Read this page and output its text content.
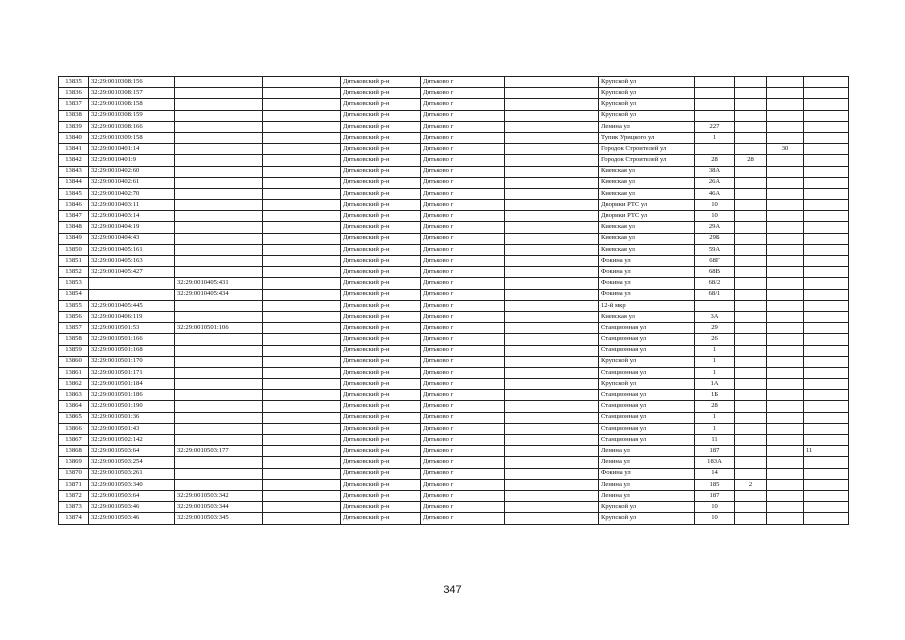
13835	32:29:0010308:156			Дятьковский р-н	Дятьково г		Крупской ул				
13836	32:29:0010308:157			Дятьковский р-н	Дятьково г		Крупской ул				
13837	32:29:0010308:158			Дятьковский р-н	Дятьково г		Крупской ул				
13838	32:29:0010308:159			Дятьковский р-н	Дятьково г		Крупской ул				
13839	32:29:0010308:166			Дятьковский р-н	Дятьково г		Ленина ул	227			
13840	32:29:0010309:158			Дятьковский р-н	Дятьково г		Тупик Урицкого ул	1			
13841	32:29:0010401:14			Дятьковский р-н	Дятьково г		Городок Строителей ул			30	
13842	32:29:0010401:9			Дятьковский р-н	Дятьково г		Городок Строителей ул	28	28		
13843	32:29:0010402:60			Дятьковский р-н	Дятьково г		Киевская ул	38А			
13844	32:29:0010402:61			Дятьковский р-н	Дятьково г		Киевская ул	26А			
13845	32:29:0010402:70			Дятьковский р-н	Дятьково г		Киевская ул	46А			
13846	32:29:0010403:11			Дятьковский р-н	Дятьково г		Дворики РТС ул	10			
13847	32:29:0010403:14			Дятьковский р-н	Дятьково г		Дворики РТС ул	10			
13848	32:29:0010404:19			Дятьковский р-н	Дятьково г		Киевская ул	29А			
13849	32:29:0010404:43			Дятьковский р-н	Дятьково г		Киевская ул	29Б			
13850	32:29:0010405:161			Дятьковский р-н	Дятьково г		Киевская ул	59А			
13851	32:29:0010405:163			Дятьковский р-н	Дятьково г		Фокина ул	68Г			
13852	32:29:0010405:427			Дятьковский р-н	Дятьково г		Фокина ул	68В			
13853		32:29:0010405:431		Дятьковский р-н	Дятьково г		Фокина ул	68/2			
13854		32:29:0010405:434		Дятьковский р-н	Дятьково г		Фокина ул	68/1			
13855	32:29:0010405:445			Дятьковский р-н	Дятьково г		12-й мкр				
13856	32:29:0010406:119			Дятьковский р-н	Дятьково г		Киевская ул	3А			
13857	32:29:0010501:53	32:29:0010501:106		Дятьковский р-н	Дятьково г		Станционная ул	29			
13858	32:29:0010501:166			Дятьковский р-н	Дятьково г		Станционная ул	26			
13859	32:29:0010501:168			Дятьковский р-н	Дятьково г		Станционная ул	1			
13860	32:29:0010501:170			Дятьковский р-н	Дятьково г		Крупской ул	1			
13861	32:29:0010501:171			Дятьковский р-н	Дятьково г		Станционная ул	1			
13862	32:29:0010501:184			Дятьковский р-н	Дятьково г		Крупской ул	1А			
13863	32:29:0010501:186			Дятьковский р-н	Дятьково г		Станционная ул	1Б			
13864	32:29:0010501:190			Дятьковский р-н	Дятьково г		Станционная ул	28			
13865	32:29:0010501:36			Дятьковский р-н	Дятьково г		Станционная ул	1			
13866	32:29:0010501:43			Дятьковский р-н	Дятьково г		Станционная ул	1			
13867	32:29:0010502:142			Дятьковский р-н	Дятьково г		Станционная ул	11			
13868	32:29:0010503:64	32:29:0010503:177		Дятьковский р-н	Дятьково г		Ленина ул	187			11
13869	32:29:0010503:254			Дятьковский р-н	Дятьково г		Ленина ул	183А			
13870	32:29:0010503:261			Дятьковский р-н	Дятьково г		Фокина ул	14			
13871	32:29:0010503:340			Дятьковский р-н	Дятьково г		Ленина ул	185	2		
13872	32:29:0010503:64	32:29:0010503:342		Дятьковский р-н	Дятьково г		Ленина ул	187			
13873	32:29:0010503:46	32:29:0010503:344		Дятьковский р-н	Дятьково г		Крупской ул	10			
13874	32:29:0010503:46	32:29:0010503:345		Дятьковский р-н	Дятьково г		Крупской ул	10			
347
